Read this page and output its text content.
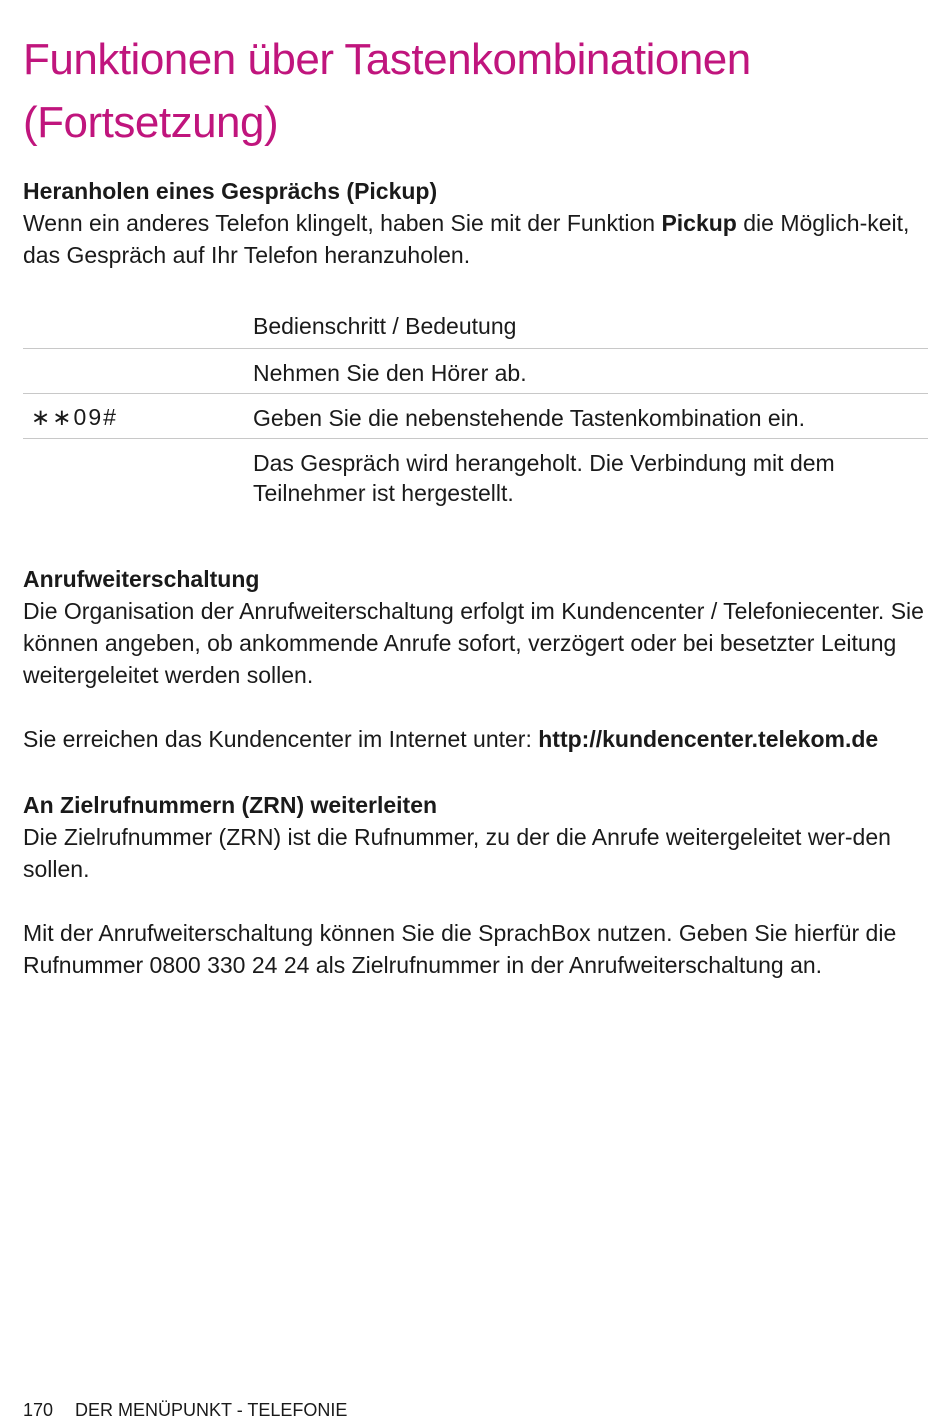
Funktionen über Tastenkombinationen
(Fortsetzung)

Heranholen eines Gesprächs (Pickup)

Wenn ein anderes Telefon klingelt, haben Sie mit der Funktion Pickup die Möglich-keit, das Gespräch auf Ihr Telefon heranzuholen.

Bedienschritt / Bedeutung
Nehmen Sie den Hörer ab.
∗∗09#	Geben Sie die nebenstehende Tastenkombination ein.
Das Gespräch wird herangeholt. Die Verbindung mit dem Teilnehmer ist hergestellt.

Anrufweiterschaltung

Die Organisation der Anrufweiterschaltung erfolgt im Kundencenter / Telefoniecenter. Sie können angeben, ob ankommende Anrufe sofort, verzögert oder bei besetzter Leitung weitergeleitet werden sollen.

Sie erreichen das Kundencenter im Internet unter: http://kundencenter.telekom.de

An Zielrufnummern (ZRN) weiterleiten

Die Zielrufnummer (ZRN) ist die Rufnummer, zu der die Anrufe weitergeleitet wer-den sollen.

Mit der Anrufweiterschaltung können Sie die SprachBox nutzen. Geben Sie hierfür die Rufnummer 0800 330 24 24 als Zielrufnummer in der Anrufweiterschaltung an.

170 DER MENÜPUNKT - TELEFONIE
